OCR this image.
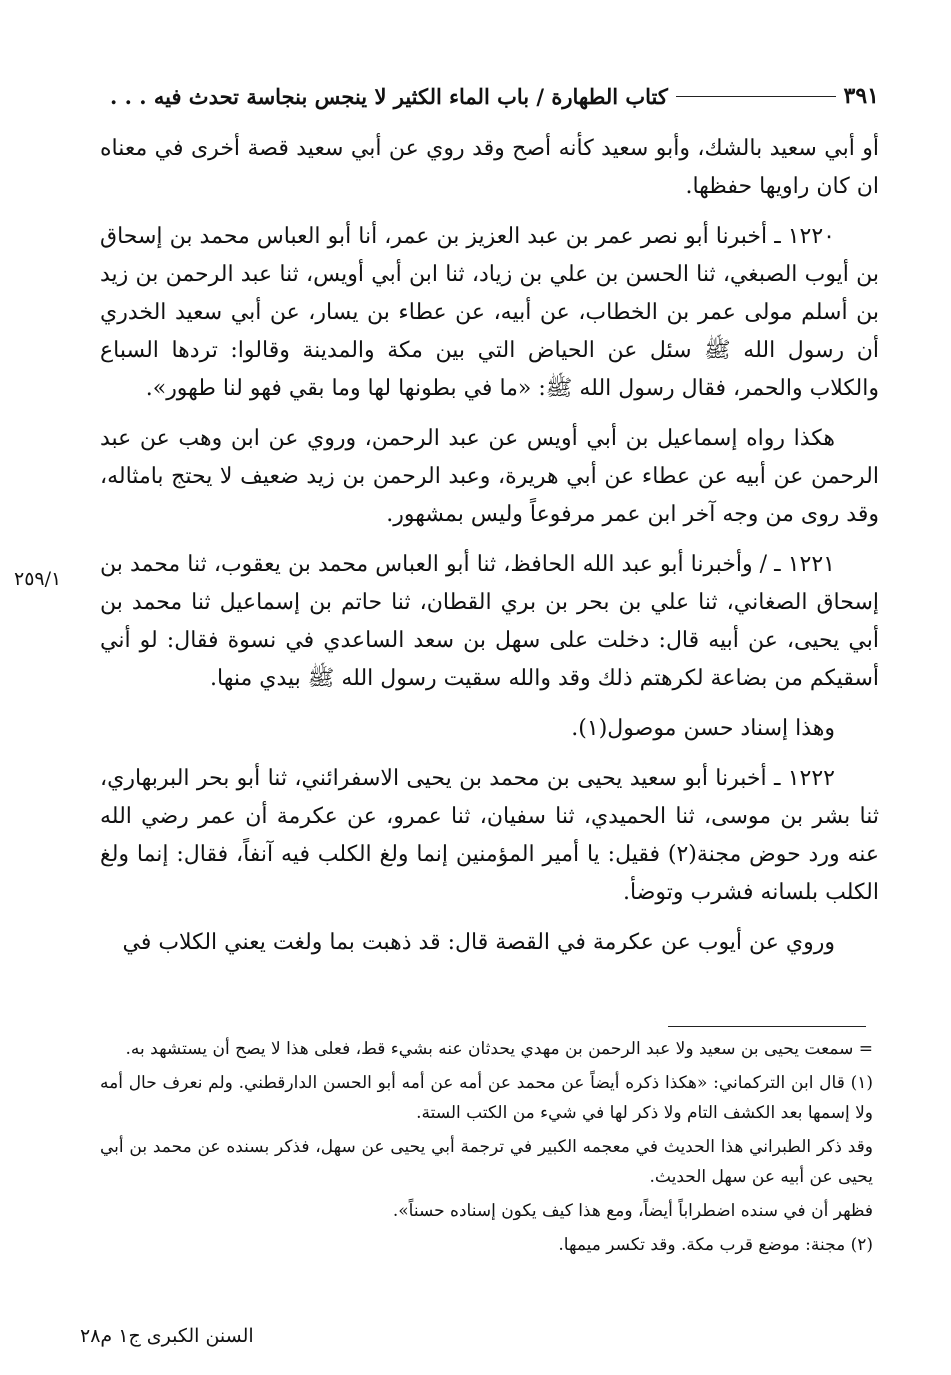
كتاب الطهارة / باب الماء الكثير لا ينجس بنجاسة تحدث فيه . . .	٣٩١
٢٥٩/١

أو أبي سعيد بالشك، وأبو سعيد كأنه أصح وقد روي عن أبي سعيد قصة أخرى في معناه ان كان راويها حفظها.

١٢٢٠ ـ أخبرنا أبو نصر عمر بن عبد العزيز بن عمر، أنا أبو العباس محمد بن إسحاق بن أيوب الصبغي، ثنا الحسن بن علي بن زياد، ثنا ابن أبي أويس، ثنا عبد الرحمن بن زيد بن أسلم مولى عمر بن الخطاب، عن أبيه، عن عطاء بن يسار، عن أبي سعيد الخدري أن رسول الله ﷺ سئل عن الحياض التي بين مكة والمدينة وقالوا: تردها السباع والكلاب والحمر، فقال رسول الله ﷺ: «ما في بطونها لها وما بقي فهو لنا طهور».

هكذا رواه إسماعيل بن أبي أويس عن عبد الرحمن، وروي عن ابن وهب عن عبد الرحمن عن أبيه عن عطاء عن أبي هريرة، وعبد الرحمن بن زيد ضعيف لا يحتج بامثاله، وقد روى من وجه آخر ابن عمر مرفوعاً وليس بمشهور.

١٢٢١ ـ / وأخبرنا أبو عبد الله الحافظ، ثنا أبو العباس محمد بن يعقوب، ثنا محمد بن إسحاق الصغاني، ثنا علي بن بحر بن بري القطان، ثنا حاتم بن إسماعيل ثنا محمد بن أبي يحيى، عن أبيه قال: دخلت على سهل بن سعد الساعدي في نسوة فقال: لو أني أسقيكم من بضاعة لكرهتم ذلك وقد والله سقيت رسول الله ﷺ بيدي منها.

وهذا إسناد حسن موصول(١).

١٢٢٢ ـ أخبرنا أبو سعيد يحيى بن محمد بن يحيى الاسفرائني، ثنا أبو بحر البربهاري، ثنا بشر بن موسى، ثنا الحميدي، ثنا سفيان، ثنا عمرو، عن عكرمة أن عمر رضي الله عنه ورد حوض مجنة(٢) فقيل: يا أمير المؤمنين إنما ولغ الكلب فيه آنفاً، فقال: إنما ولغ الكلب بلسانه فشرب وتوضأ.

وروي عن أيوب عن عكرمة في القصة قال: قد ذهبت بما ولغت يعني الكلاب في

= سمعت يحيى بن سعيد ولا عبد الرحمن بن مهدي يحدثان عنه بشيء قط، فعلى هذا لا يصح أن يستشهد به.

(١) قال ابن التركماني: «هكذا ذكره أيضاً عن محمد عن أمه عن أمه أبو الحسن الدارقطني. ولم نعرف حال أمه ولا إسمها بعد الكشف التام ولا ذكر لها في شيء من الكتب الستة.

وقد ذكر الطبراني هذا الحديث في معجمه الكبير في ترجمة أبي يحيى عن سهل، فذكر بسنده عن محمد بن أبي يحيى عن أبيه عن سهل الحديث.

فظهر أن في سنده اضطراباً أيضاً، ومع هذا كيف يكون إسناده حسناً».

(٢) مجنة: موضع قرب مكة. وقد تكسر ميمها.

السنن الكبرى ج١ م٢٨
